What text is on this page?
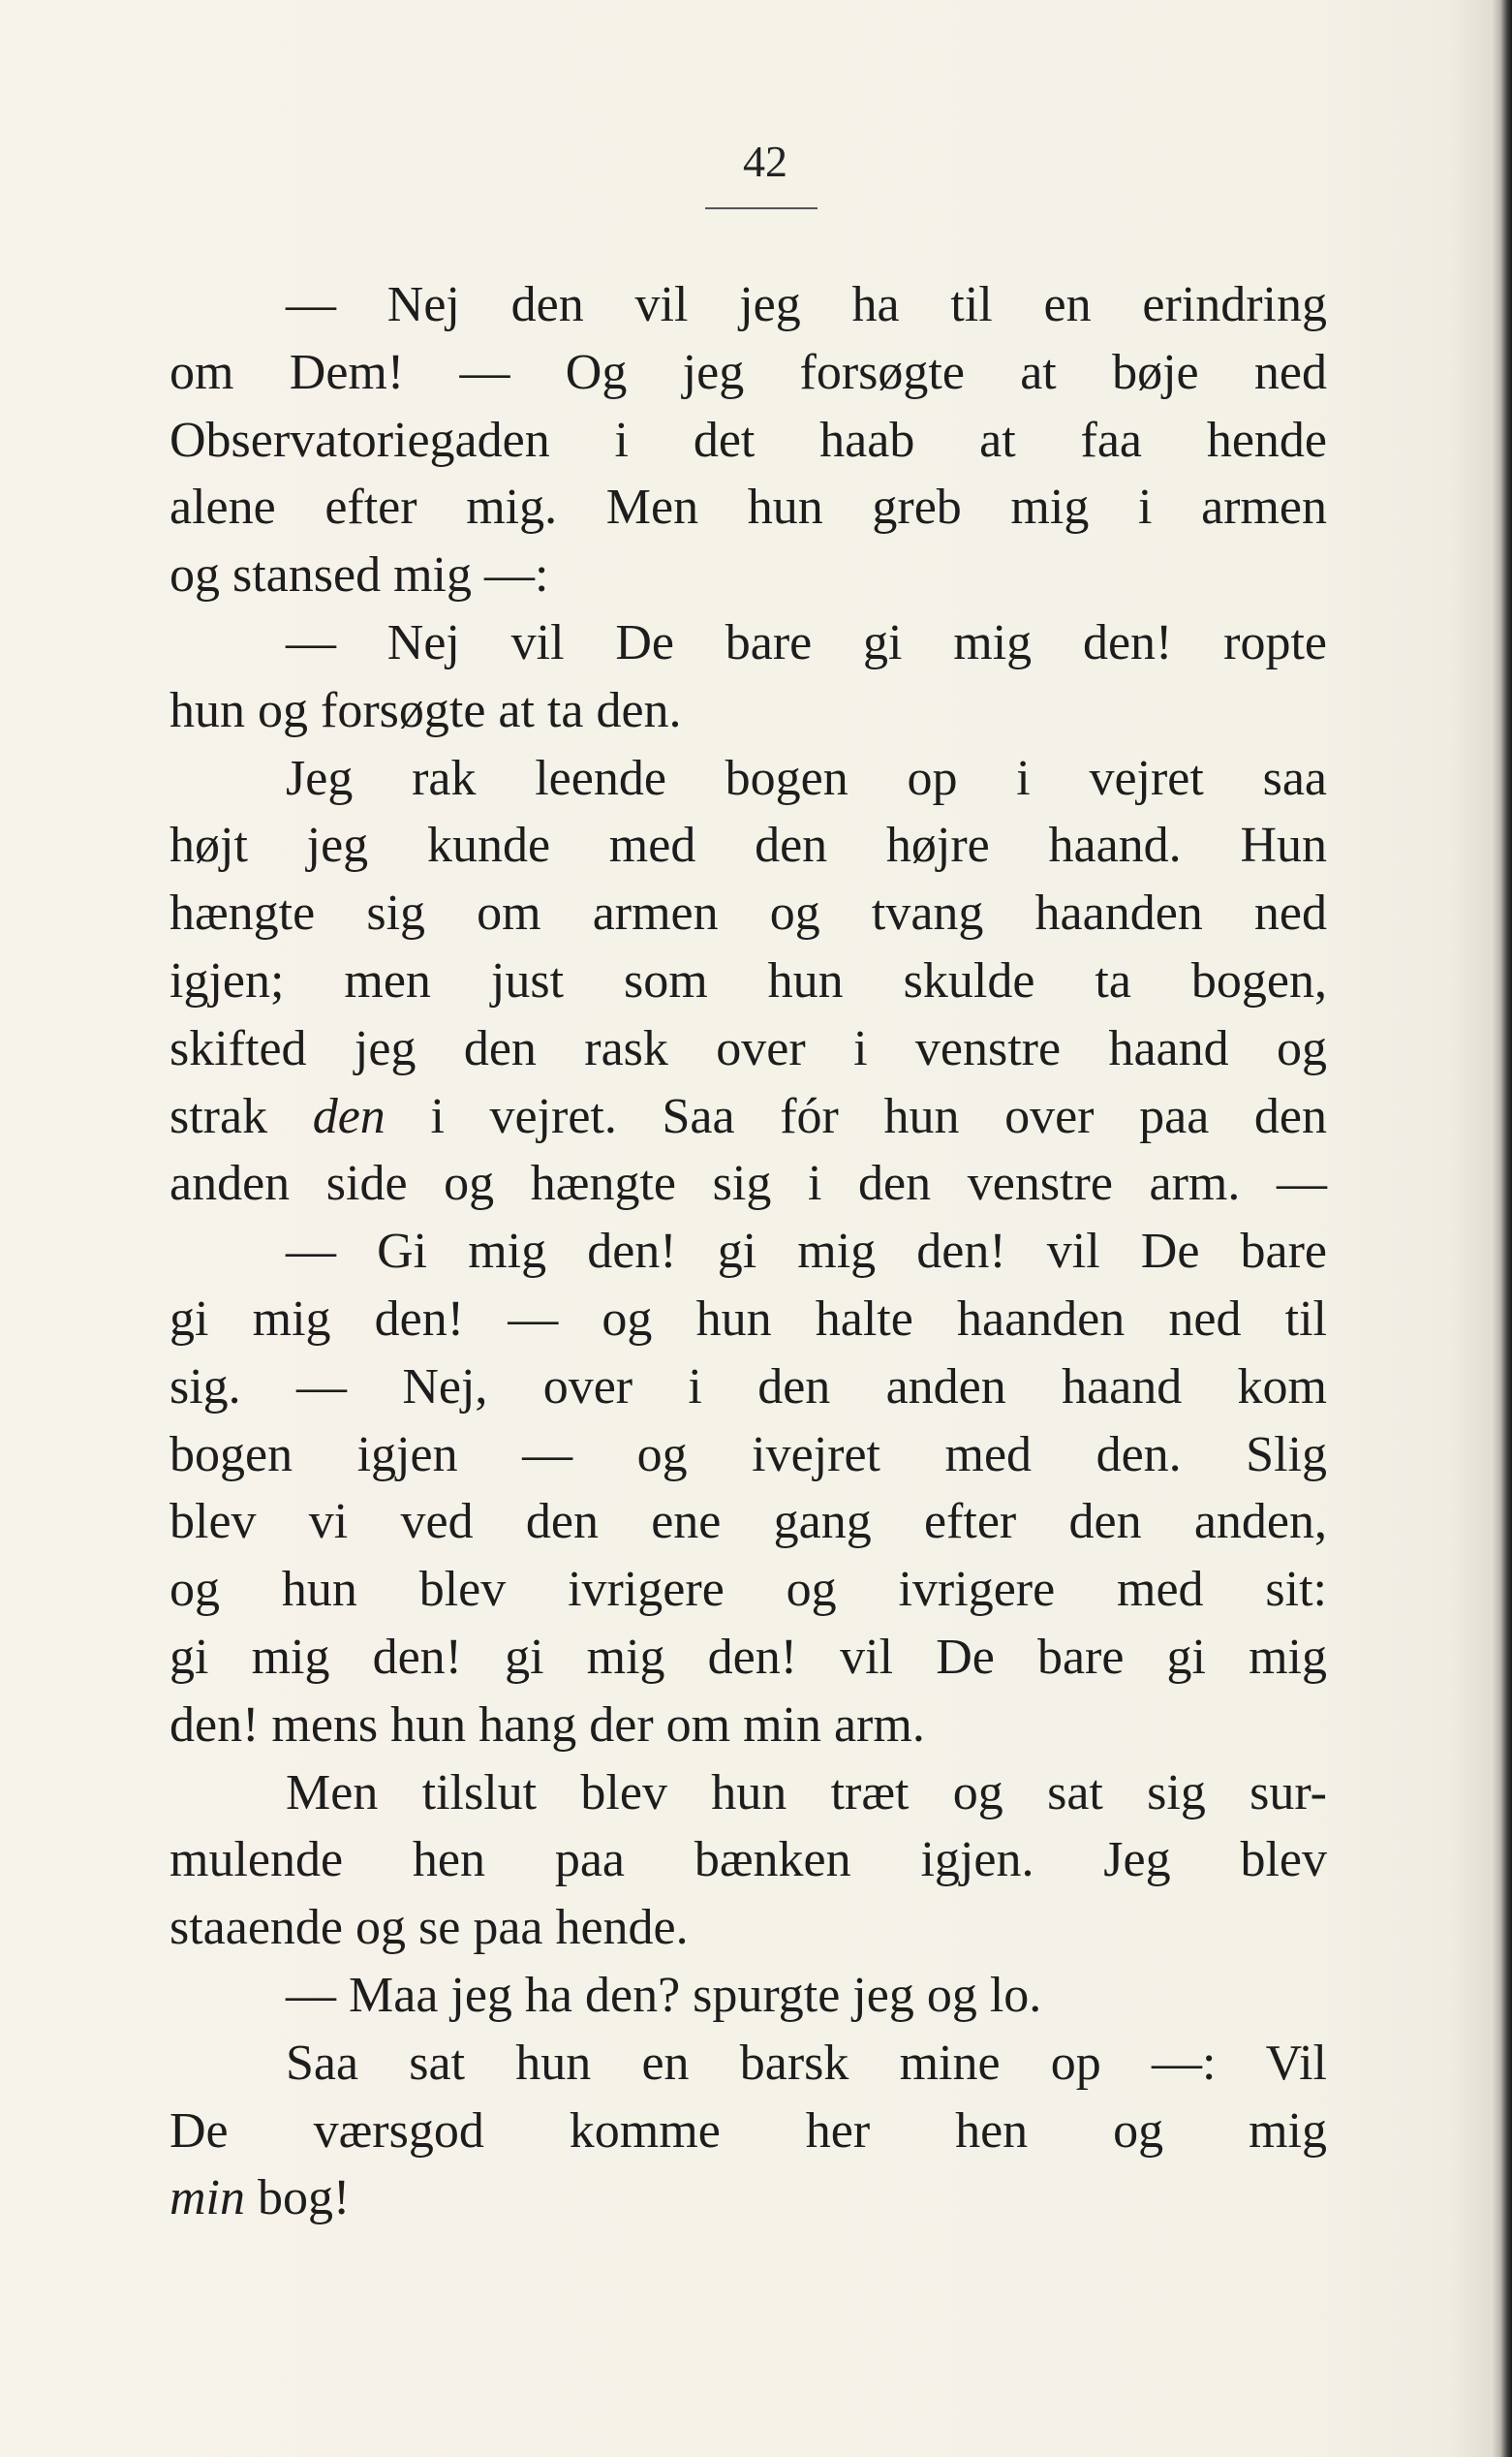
42
— Nej den vil jeg ha til en erindring
om Dem! — Og jeg forsøgte at bøje ned
Observatoriegaden i det haab at faa hende
alene efter mig. Men hun greb mig i armen
og stansed mig —:
— Nej vil De bare gi mig den! ropte
hun og forsøgte at ta den.
Jeg rak leende bogen op i vejret saa
højt jeg kunde med den højre haand. Hun
hængte sig om armen og tvang haanden ned
igjen; men just som hun skulde ta bogen,
skifted jeg den rask over i venstre haand og
strak den i vejret. Saa fór hun over paa den
anden side og hængte sig i den venstre arm. —
— Gi mig den! gi mig den! vil De bare
gi mig den! — og hun halte haanden ned til
sig. — Nej, over i den anden haand kom
bogen igjen — og ivejret med den. Slig
blev vi ved den ene gang efter den anden,
og hun blev ivrigere og ivrigere med sit:
gi mig den! gi mig den! vil De bare gi mig
den! mens hun hang der om min arm.
Men tilslut blev hun træt og sat sig sur-
mulende hen paa bænken igjen. Jeg blev
staaende og se paa hende.
— Maa jeg ha den? spurgte jeg og lo.
Saa sat hun en barsk mine op —: Vil
De værsgod komme her hen og mig
min bog!
